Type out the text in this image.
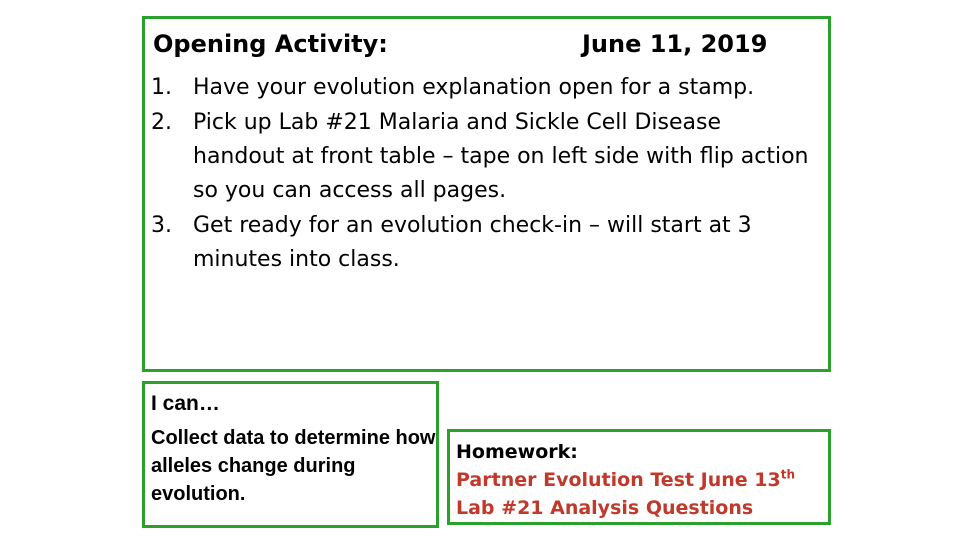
Opening Activity:	June 11, 2019
1. Have your evolution explanation open for a stamp.
2. Pick up Lab #21 Malaria and Sickle Cell Disease handout at front table – tape on left side with flip action so you can access all pages.
3. Get ready for an evolution check-in – will start at 3 minutes into class.
I can…
Collect data to determine how alleles change during evolution.
Homework:
Partner Evolution Test June 13th
Lab #21 Analysis Questions
